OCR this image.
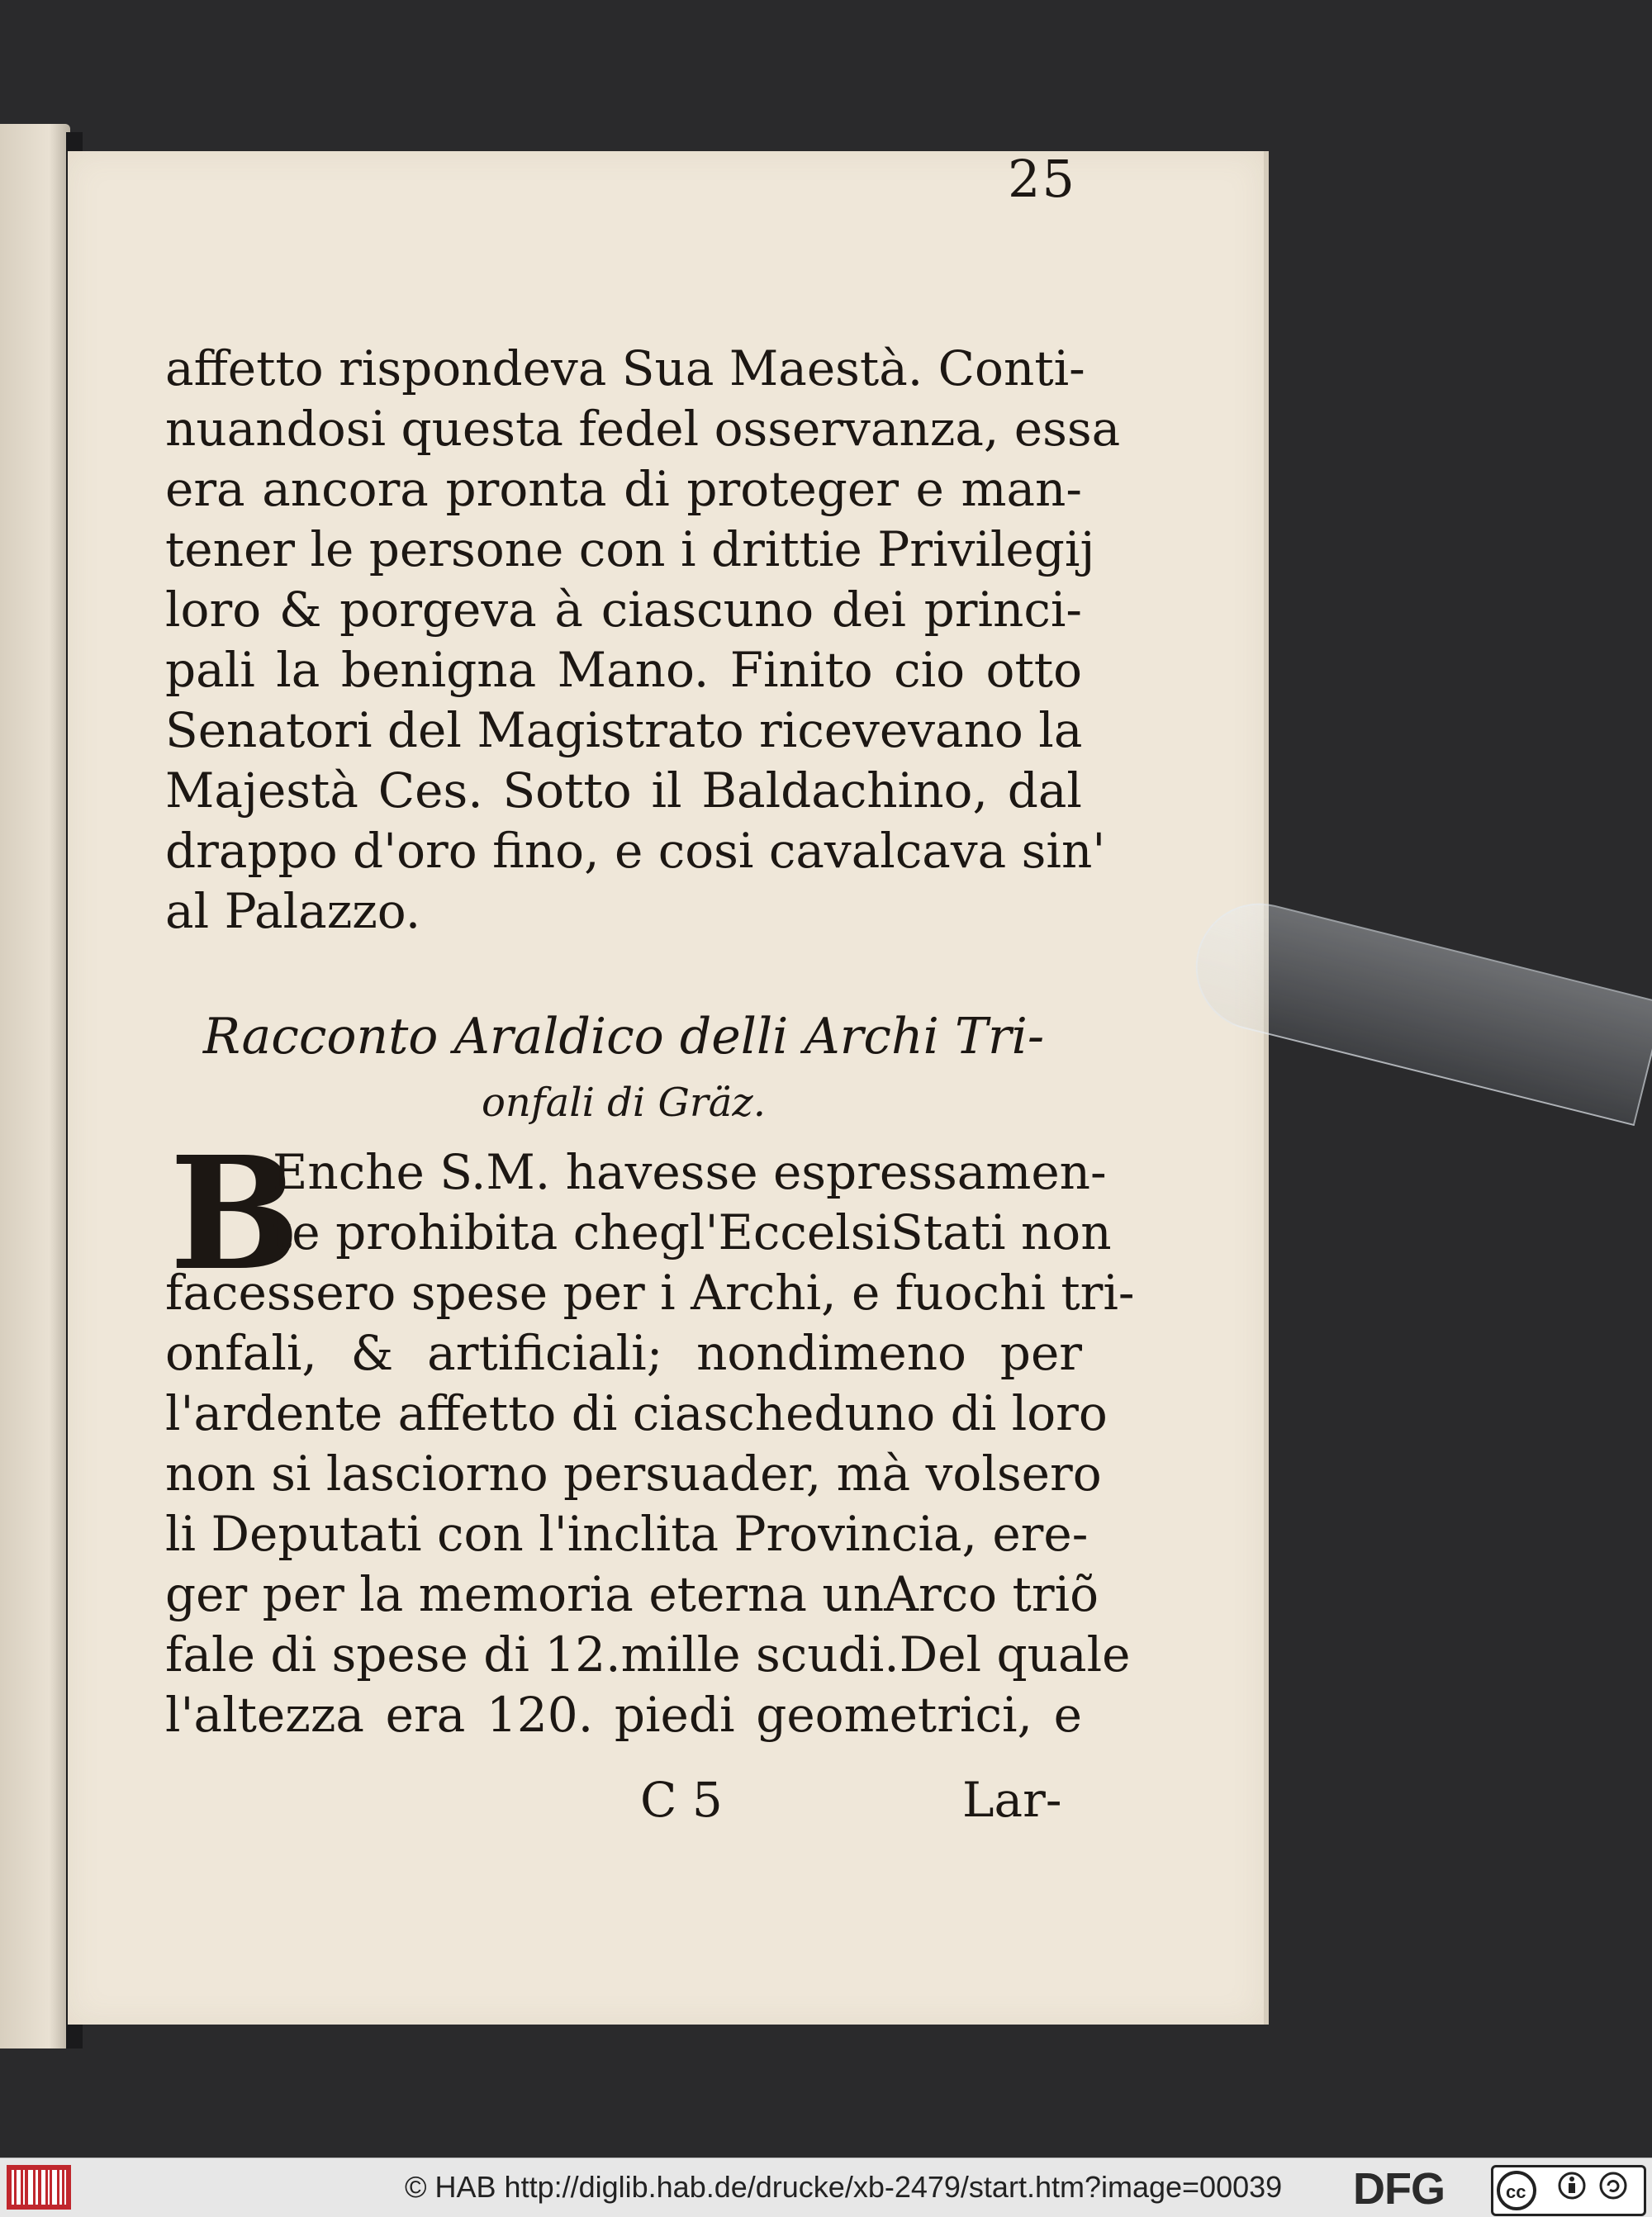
25
affetto rispondeva Sua Maestà. Conti-
nuandosi questa fedel osservanza, essa
era ancora pronta di proteger e man-
tener le persone con i drittie Privilegij
loro & porgeva à ciascuno dei princi-
pali la benigna Mano. Finito cio otto
Senatori del Magistrato ricevevano la
Majestà Ces. Sotto il Baldachino, dal
drappo d'oro fino, e cosi cavalcava sin'
al Palazzo.
Racconto Araldico delli Archi Tri-
onfali di Gräz.
B
Enche S.M. havesse espressamen-
te prohibita chegl'EccelsiStati non
facessero spese per i Archi, e fuochi tri-
onfali, & artificiali; nondimeno per
l'ardente affetto di ciascheduno di loro
non si lasciorno persuader, mà volsero
li Deputati con l'inclita Provincia, ere-
ger per la memoria eterna unArco triõ
fale di spese di 12.mille scudi.Del quale
l'altezza era 120. piedi geometrici, e
C 5	Lar-
© HAB http://diglib.hab.de/drucke/xb-2479/start.htm?image=00039 DFG	cc
